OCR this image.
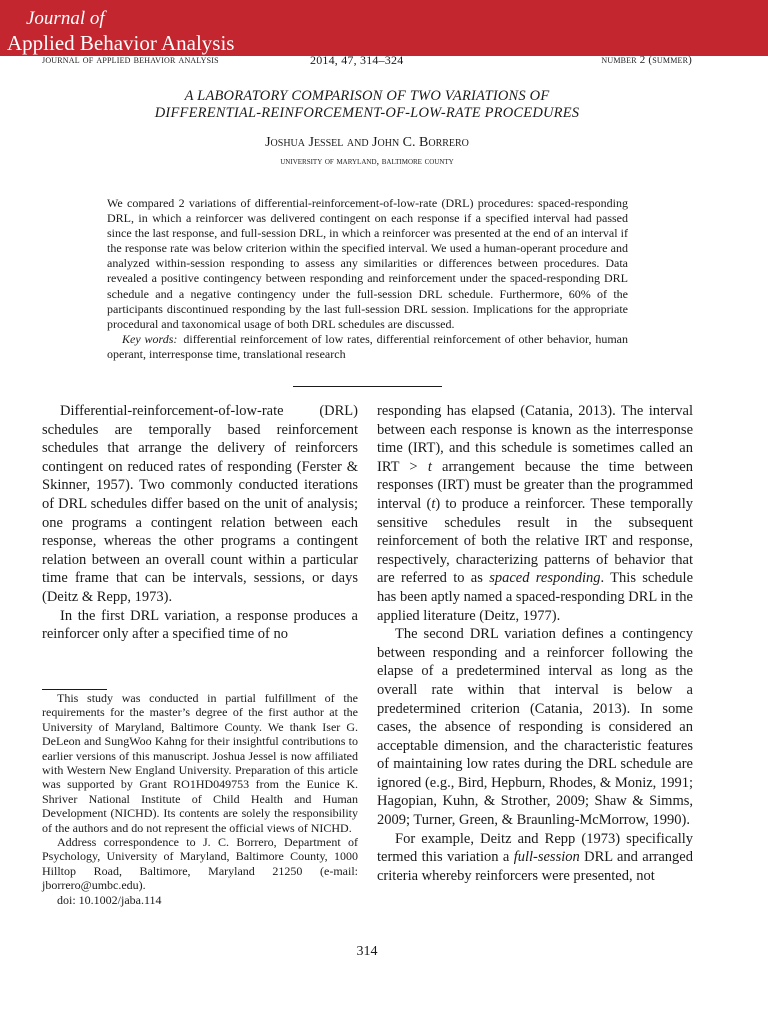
Journal of
Applied Behavior Analysis
journal of applied behavior analysis	2014, 47, 314–324	number 2 (summer)
A LABORATORY COMPARISON OF TWO VARIATIONS OF
DIFFERENTIAL-REINFORCEMENT-OF-LOW-RATE PROCEDURES
Joshua Jessel and John C. Borrero
university of maryland, baltimore county

We compared 2 variations of differential-reinforcement-of-low-rate (DRL) procedures: spaced-responding DRL, in which a reinforcer was delivered contingent on each response if a specified interval had passed since the last response, and full-session DRL, in which a reinforcer was presented at the end of an interval if the response rate was below criterion within the specified interval. We used a human-operant procedure and analyzed within-session responding to assess any similarities or differences between procedures. Data revealed a positive contingency between responding and reinforcement under the spaced-responding DRL schedule and a negative contingency under the full-session DRL schedule. Furthermore, 60% of the participants discontinued responding by the last full-session DRL session. Implications for the appropriate procedural and taxonomical usage of both DRL schedules are discussed.

Key words: differential reinforcement of low rates, differential reinforcement of other behavior, human operant, interresponse time, translational research

Differential-reinforcement-of-low-rate (DRL) schedules are temporally based reinforcement schedules that arrange the delivery of reinforcers contingent on reduced rates of responding (Ferster & Skinner, 1957). Two commonly conducted iterations of DRL schedules differ based on the unit of analysis; one programs a contingent relation between each response, whereas the other programs a contingent relation between an overall count within a particular time frame that can be intervals, sessions, or days (Deitz & Repp, 1973).

In the first DRL variation, a response produces a reinforcer only after a specified time of no

This study was conducted in partial fulfillment of the requirements for the master’s degree of the first author at the University of Maryland, Baltimore County. We thank Iser G. DeLeon and SungWoo Kahng for their insightful contributions to earlier versions of this manuscript. Joshua Jessel is now affiliated with Western New England University. Preparation of this article was supported by Grant RO1HD049753 from the Eunice K. Shriver National Institute of Child Health and Human Development (NICHD). Its contents are solely the responsibility of the authors and do not represent the official views of NICHD.

Address correspondence to J. C. Borrero, Department of Psychology, University of Maryland, Baltimore County, 1000 Hilltop Road, Baltimore, Maryland 21250 (e-mail: jborrero@umbc.edu).

doi: 10.1002/jaba.114

responding has elapsed (Catania, 2013). The interval between each response is known as the interresponse time (IRT), and this schedule is sometimes called an IRT > t arrangement because the time between responses (IRT) must be greater than the programmed interval (t) to produce a reinforcer. These temporally sensitive schedules result in the subsequent reinforcement of both the relative IRT and response, respectively, characterizing patterns of behavior that are referred to as spaced responding. This schedule has been aptly named a spaced-responding DRL in the applied literature (Deitz, 1977).

The second DRL variation defines a contingency between responding and a reinforcer following the elapse of a predetermined interval as long as the overall rate within that interval is below a predetermined criterion (Catania, 2013). In some cases, the absence of responding is considered an acceptable dimension, and the characteristic features of maintaining low rates during the DRL schedule are ignored (e.g., Bird, Hepburn, Rhodes, & Moniz, 1991; Hagopian, Kuhn, & Strother, 2009; Shaw & Simms, 2009; Turner, Green, & Braunling-McMorrow, 1990).

For example, Deitz and Repp (1973) specifically termed this variation a full-session DRL and arranged criteria whereby reinforcers were presented, not

314
